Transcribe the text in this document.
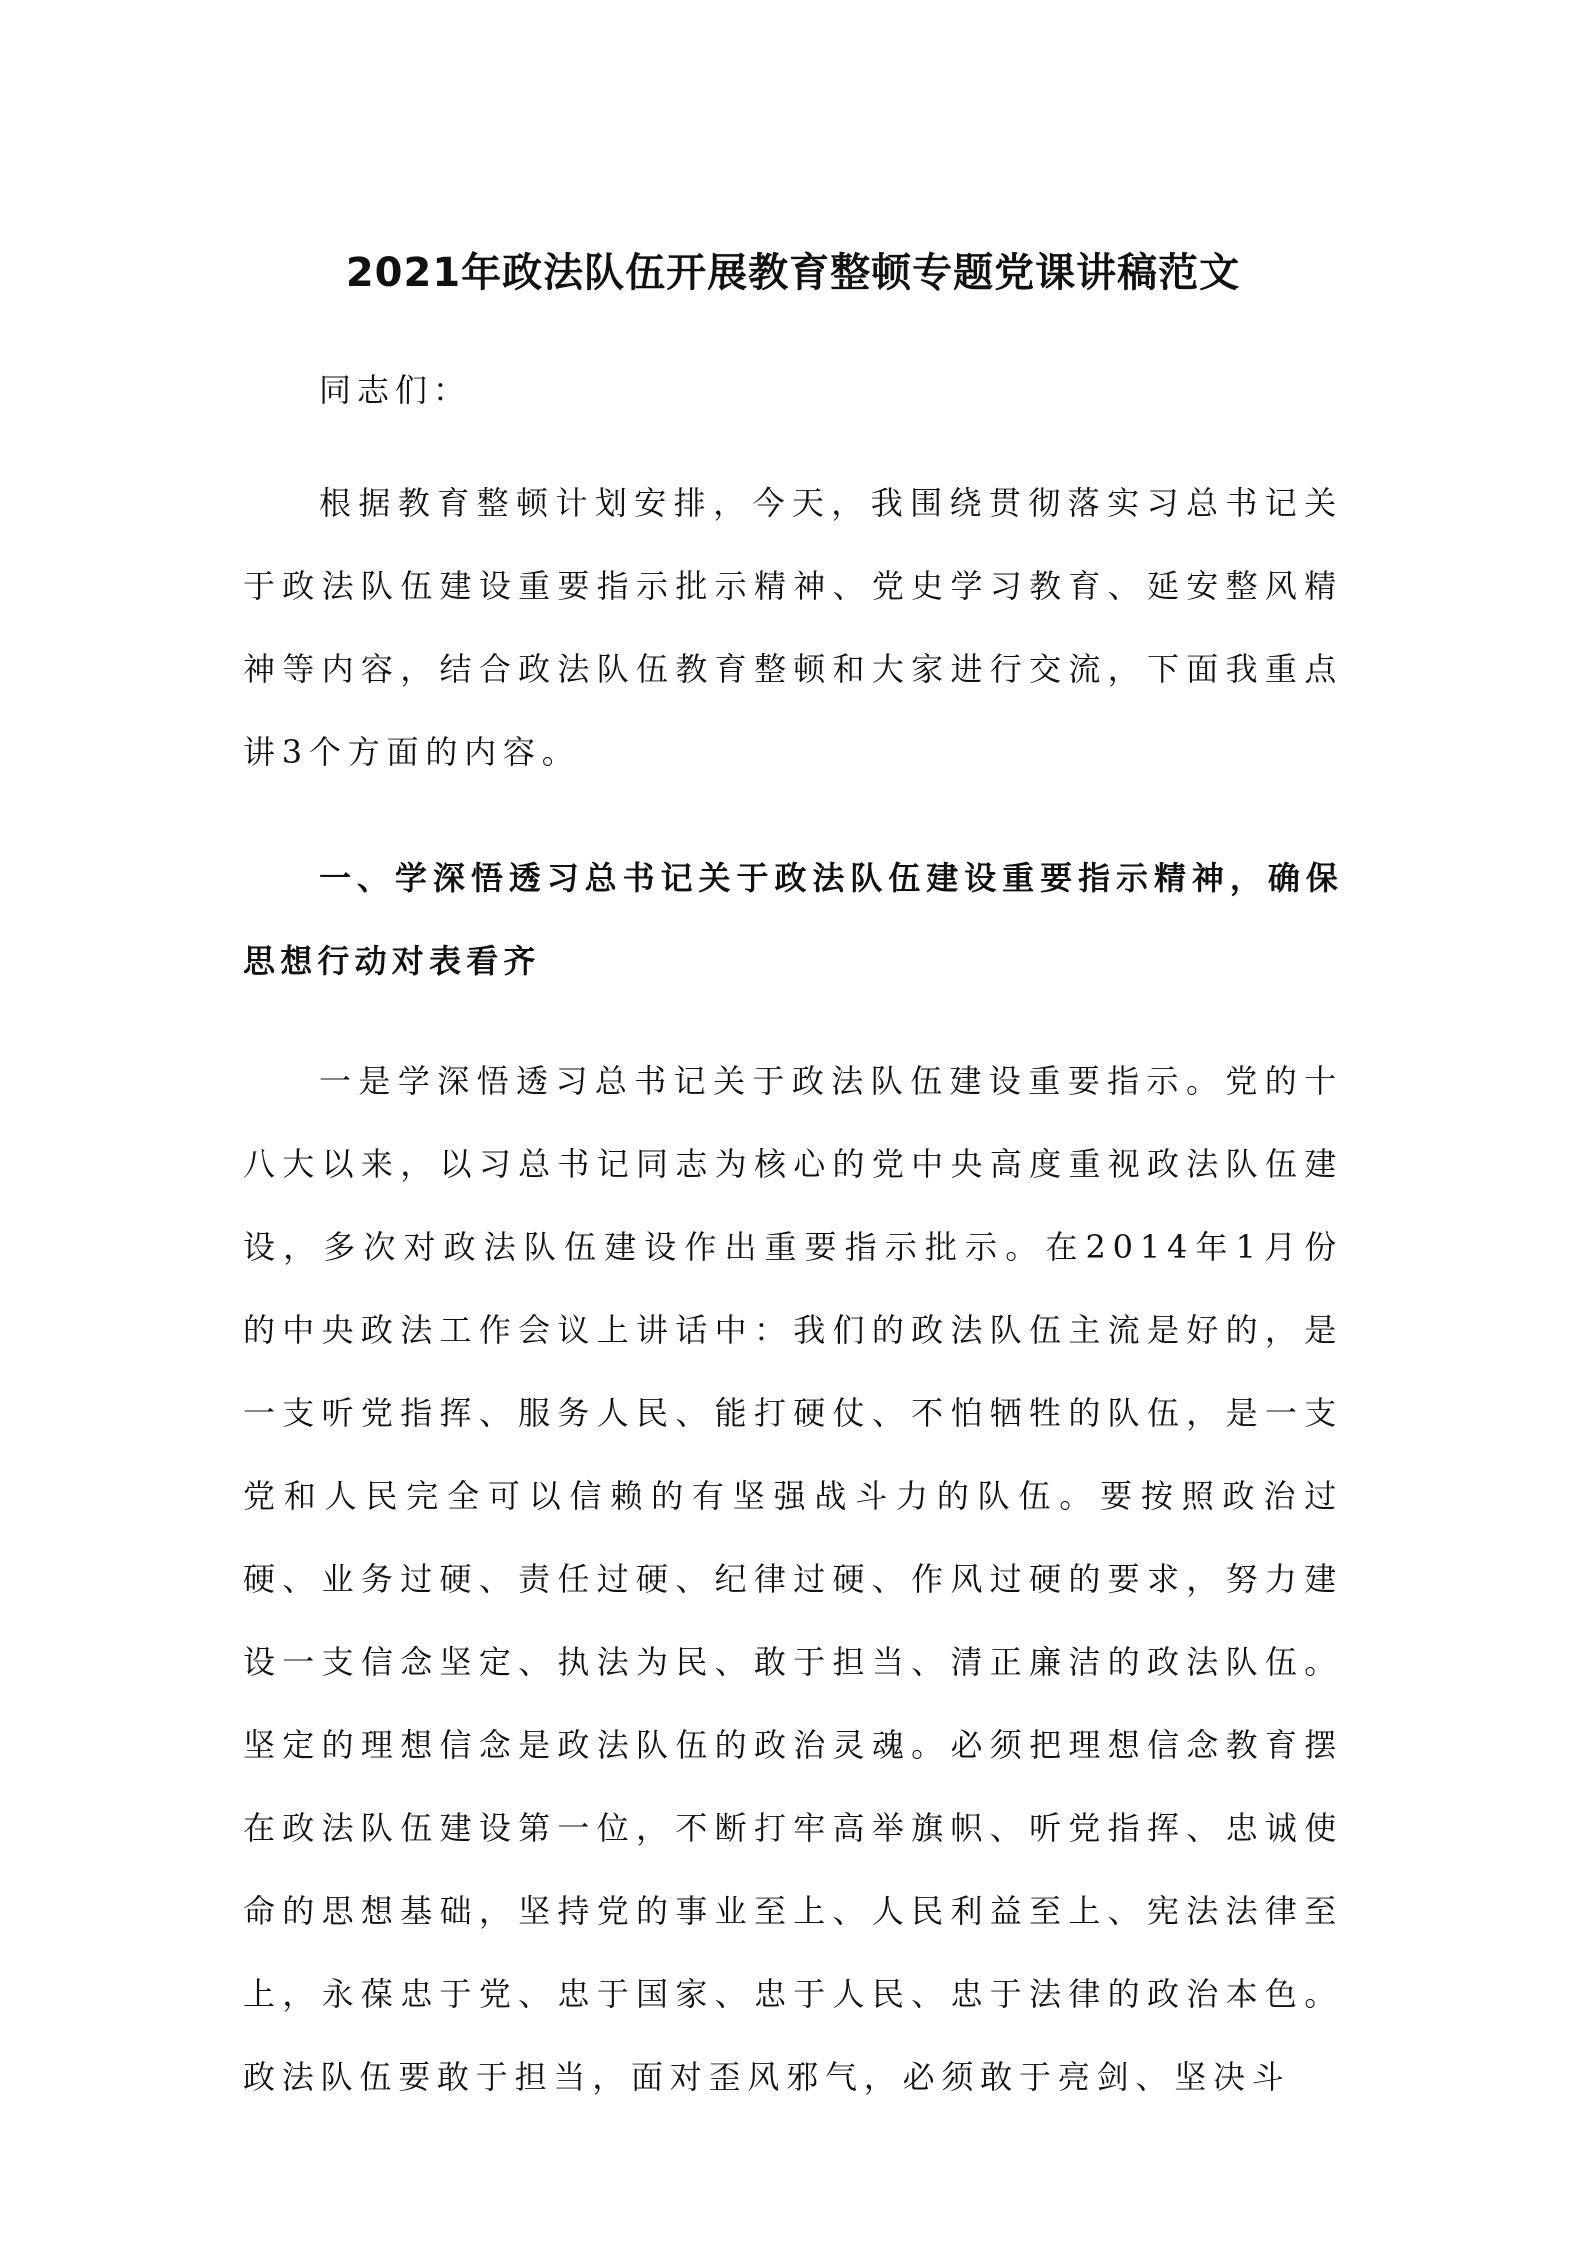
2021年政法队伍开展教育整顿专题党课讲稿范文

同志们：

根据教育整顿计划安排，今天，我围绕贯彻落实习总书记关于政法队伍建设重要指示批示精神、党史学习教育、延安整风精神等内容，结合政法队伍教育整顿和大家进行交流，下面我重点讲3个方面的内容。

一、学深悟透习总书记关于政法队伍建设重要指示精神，确保思想行动对表看齐

一是学深悟透习总书记关于政法队伍建设重要指示。党的十八大以来，以习总书记同志为核心的党中央高度重视政法队伍建设，多次对政法队伍建设作出重要指示批示。在2014年1月份的中央政法工作会议上讲话中：我们的政法队伍主流是好的，是一支听党指挥、服务人民、能打硬仗、不怕牺牲的队伍，是一支党和人民完全可以信赖的有坚强战斗力的队伍。要按照政治过硬、业务过硬、责任过硬、纪律过硬、作风过硬的要求，努力建设一支信念坚定、执法为民、敢于担当、清正廉洁的政法队伍。坚定的理想信念是政法队伍的政治灵魂。必须把理想信念教育摆在政法队伍建设第一位，不断打牢高举旗帜、听党指挥、忠诚使命的思想基础，坚持党的事业至上、人民利益至上、宪法法律至上，永葆忠于党、忠于国家、忠于人民、忠于法律的政治本色。政法队伍要敢于担当，面对歪风邪气，必须敢于亮剑、坚决斗
